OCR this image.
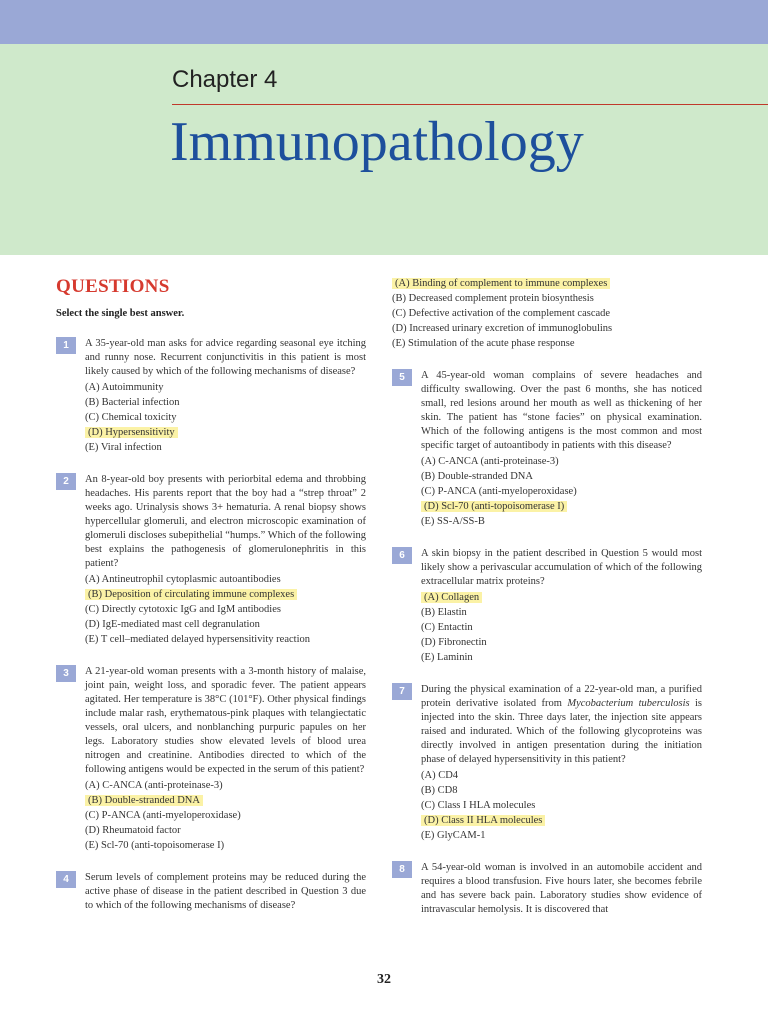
Chapter 4
Immunopathology
QUESTIONS
Select the single best answer.
1	A 35-year-old man asks for advice regarding seasonal eye itching and runny nose. Recurrent conjunctivitis in this patient is most likely caused by which of the following mechanisms of disease?
(A) Autoimmunity
(B) Bacterial infection
(C) Chemical toxicity
(D) Hypersensitivity
(E) Viral infection
2	An 8-year-old boy presents with periorbital edema and throbbing headaches. His parents report that the boy had a “strep throat” 2 weeks ago. Urinalysis shows 3+ hematuria. A renal biopsy shows hypercellular glomeruli, and electron microscopic examination of glomeruli discloses subepithelial “humps.” Which of the following best explains the pathogenesis of glomerulonephritis in this patient?
(A) Antineutrophil cytoplasmic autoantibodies
(B) Deposition of circulating immune complexes
(C) Directly cytotoxic IgG and IgM antibodies
(D) IgE-mediated mast cell degranulation
(E) T cell–mediated delayed hypersensitivity reaction
3	A 21-year-old woman presents with a 3-month history of malaise, joint pain, weight loss, and sporadic fever. The patient appears agitated. Her temperature is 38°C (101°F). Other physical findings include malar rash, erythematous-pink plaques with telangiectatic vessels, oral ulcers, and nonblanching purpuric papules on her legs. Laboratory studies show elevated levels of blood urea nitrogen and creatinine. Antibodies directed to which of the following antigens would be expected in the serum of this patient?
(A) C-ANCA (anti-proteinase-3)
(B) Double-stranded DNA
(C) P-ANCA (anti-myeloperoxidase)
(D) Rheumatoid factor
(E) Scl-70 (anti-topoisomerase I)
4	Serum levels of complement proteins may be reduced during the active phase of disease in the patient described in Question 3 due to which of the following mechanisms of disease?
(A) Binding of complement to immune complexes
(B) Decreased complement protein biosynthesis
(C) Defective activation of the complement cascade
(D) Increased urinary excretion of immunoglobulins
(E) Stimulation of the acute phase response
5	A 45-year-old woman complains of severe headaches and difficulty swallowing. Over the past 6 months, she has noticed small, red lesions around her mouth as well as thickening of her skin. The patient has “stone facies” on physical examination. Which of the following antigens is the most common and most specific target of autoantibody in patients with this disease?
(A) C-ANCA (anti-proteinase-3)
(B) Double-stranded DNA
(C) P-ANCA (anti-myeloperoxidase)
(D) Scl-70 (anti-topoisomerase I)
(E) SS-A/SS-B
6	A skin biopsy in the patient described in Question 5 would most likely show a perivascular accumulation of which of the following extracellular matrix proteins?
(A) Collagen
(B) Elastin
(C) Entactin
(D) Fibronectin
(E) Laminin
7	During the physical examination of a 22-year-old man, a purified protein derivative isolated from Mycobacterium tuberculosis is injected into the skin. Three days later, the injection site appears raised and indurated. Which of the following glycoproteins was directly involved in antigen presentation during the initiation phase of delayed hypersensitivity in this patient?
(A) CD4
(B) CD8
(C) Class I HLA molecules
(D) Class II HLA molecules
(E) GlyCAM-1
8	A 54-year-old woman is involved in an automobile accident and requires a blood transfusion. Five hours later, she becomes febrile and has severe back pain. Laboratory studies show evidence of intravascular hemolysis. It is discovered that
32
